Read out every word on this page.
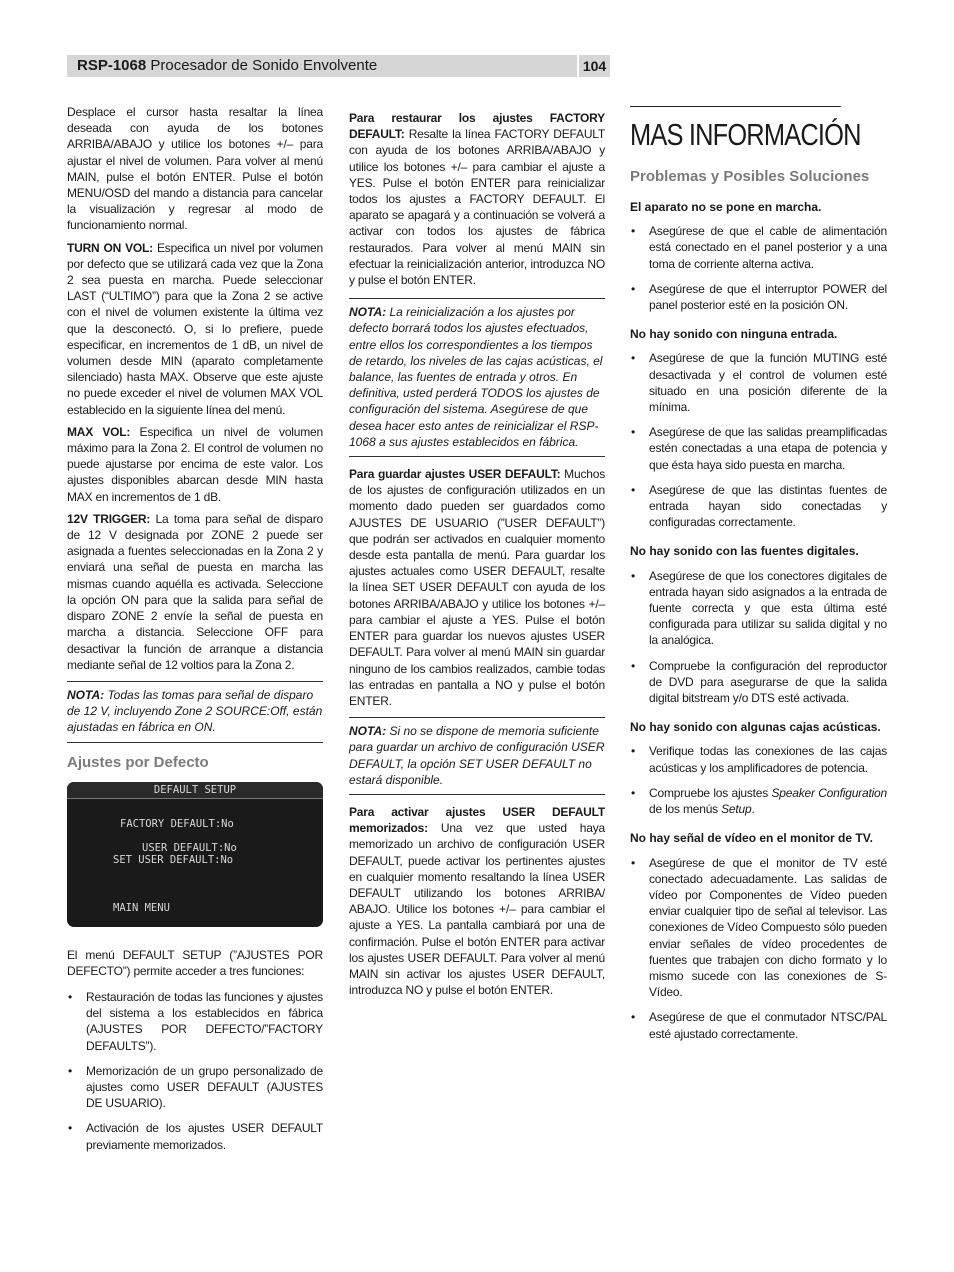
RSP-1068 Procesador de Sonido Envolvente	104

Desplace el cursor hasta resaltar la línea deseada con ayuda de los botones ARRIBA/ABAJO y utilice los botones +/– para ajustar el nivel de volumen. Para volver al menú MAIN, pulse el botón ENTER. Pulse el botón MENU/OSD del mando a distancia para cancelar la visualización y regresar al modo de funcionamiento normal.

TURN ON VOL: Especifica un nivel por volumen por defecto que se utilizará cada vez que la Zona 2 sea puesta en marcha. Puede seleccionar LAST (“ULTIMO”) para que la Zona 2 se active con el nivel de volumen existente la última vez que la desconectó. O, si lo prefiere, puede especificar, en incrementos de 1 dB, un nivel de volumen desde MIN (aparato completamente silenciado) hasta MAX. Observe que este ajuste no puede exceder el nivel de volumen MAX VOL establecido en la siguiente línea del menú.

MAX VOL: Especifica un nivel de volumen máximo para la Zona 2. El control de volumen no puede ajustarse por encima de este valor. Los ajustes disponibles abarcan desde MIN hasta MAX en incrementos de 1 dB.

12V TRIGGER: La toma para señal de disparo de 12 V designada por ZONE 2 puede ser asignada a fuentes seleccionadas en la Zona 2 y enviará una señal de puesta en marcha las mismas cuando aquélla es activada. Seleccione la opción ON para que la salida para señal de disparo ZONE 2 envíe la señal de puesta en marcha a distancia. Seleccione OFF para desactivar la función de arranque a distancia mediante señal de 12 voltios para la Zona 2.

NOTA: Todas las tomas para señal de disparo de 12 V, incluyendo Zone 2 SOURCE:Off, están ajustadas en fábrica en ON.
Ajustes por Defecto
DEFAULT SETUP
FACTORY DEFAULT:No
USER DEFAULT:No
SET USER DEFAULT:No
MAIN MENU

El menú DEFAULT SETUP (”AJUSTES POR DEFECTO”) permite acceder a tres funciones:

• Restauración de todas las funciones y ajustes del sistema a los establecidos en fábrica (AJUSTES POR DEFECTO/”FACTORY DEFAULTS”).
• Memorización de un grupo personalizado de ajustes como USER DEFAULT (AJUSTES DE USUARIO).
• Activación de los ajustes USER DEFAULT previamente memorizados.

Para restaurar los ajustes FACTORY DEFAULT: Resalte la línea FACTORY DEFAULT con ayuda de los botones ARRIBA/ABAJO y utilice los botones +/– para cambiar el ajuste a YES. Pulse el botón ENTER para reinicializar todos los ajustes a FACTORY DEFAULT. El aparato se apagará y a continuación se volverá a activar con todos los ajustes de fábrica restaurados. Para volver al menú MAIN sin efectuar la reinicialización anterior, introduzca NO y pulse el botón ENTER.

NOTA: La reinicialización a los ajustes por defecto borrará todos los ajustes efectuados, entre ellos los correspondientes a los tiempos de retardo, los niveles de las cajas acústicas, el balance, las fuentes de entrada y otros. En definitiva, usted perderá TODOS los ajustes de configuración del sistema. Asegúrese de que desea hacer esto antes de reinicializar el RSP-1068 a sus ajustes establecidos en fábrica.

Para guardar ajustes USER DEFAULT: Muchos de los ajustes de configuración utilizados en un momento dado pueden ser guardados como AJUSTES DE USUARIO (”USER DEFAULT”) que podrán ser activados en cualquier momento desde esta pantalla de menú. Para guardar los ajustes actuales como USER DEFAULT, resalte la línea SET USER DEFAULT con ayuda de los botones ARRIBA/ABAJO y utilice los botones +/– para cambiar el ajuste a YES. Pulse el botón ENTER para guardar los nuevos ajustes USER DEFAULT. Para volver al menú MAIN sin guardar ninguno de los cambios realizados, cambie todas las entradas en pantalla a NO y pulse el botón ENTER.

NOTA: Si no se dispone de memoria suficiente para guardar un archivo de configuración USER DEFAULT, la opción SET USER DEFAULT no estará disponible.

Para activar ajustes USER DEFAULT memorizados: Una vez que usted haya memorizado un archivo de configuración USER DEFAULT, puede activar los pertinentes ajustes en cualquier momento resaltando la línea USER DEFAULT utilizando los botones ARRIBA/ ABAJO. Utilice los botones +/– para cambiar el ajuste a YES. La pantalla cambiará por una de confirmación. Pulse el botón ENTER para activar los ajustes USER DEFAULT. Para volver al menú MAIN sin activar los ajustes USER DEFAULT, introduzca NO y pulse el botón ENTER.

MAS INFORMACIÓN
Problemas y Posibles Soluciones
El aparato no se pone en marcha.
• Asegúrese de que el cable de alimentación está conectado en el panel posterior y a una toma de corriente alterna activa.
• Asegúrese de que el interruptor POWER del panel posterior esté en la posición ON.
No hay sonido con ninguna entrada.
• Asegúrese de que la función MUTING esté desactivada y el control de volumen esté situado en una posición diferente de la mínima.
• Asegúrese de que las salidas preamplificadas estén conectadas a una etapa de potencia y que ésta haya sido puesta en marcha.
• Asegúrese de que las distintas fuentes de entrada hayan sido conectadas y configuradas correctamente.
No hay sonido con las fuentes digitales.
• Asegúrese de que los conectores digitales de entrada hayan sido asignados a la entrada de fuente correcta y que esta última esté configurada para utilizar su salida digital y no la analógica.
• Compruebe la configuración del reproductor de DVD para asegurarse de que la salida digital bitstream y/o DTS esté activada.
No hay sonido con algunas cajas acústicas.
• Verifique todas las conexiones de las cajas acústicas y los amplificadores de potencia.
• Compruebe los ajustes Speaker Configuration de los menús Setup.
No hay señal de vídeo en el monitor de TV.
• Asegúrese de que el monitor de TV esté conectado adecuadamente. Las salidas de vídeo por Componentes de Vídeo pueden enviar cualquier tipo de señal al televisor. Las conexiones de Vídeo Compuesto sólo pueden enviar señales de vídeo procedentes de fuentes que trabajen con dicho formato y lo mismo sucede con las conexiones de S-Vídeo.
• Asegúrese de que el conmutador NTSC/PAL esté ajustado correctamente.
